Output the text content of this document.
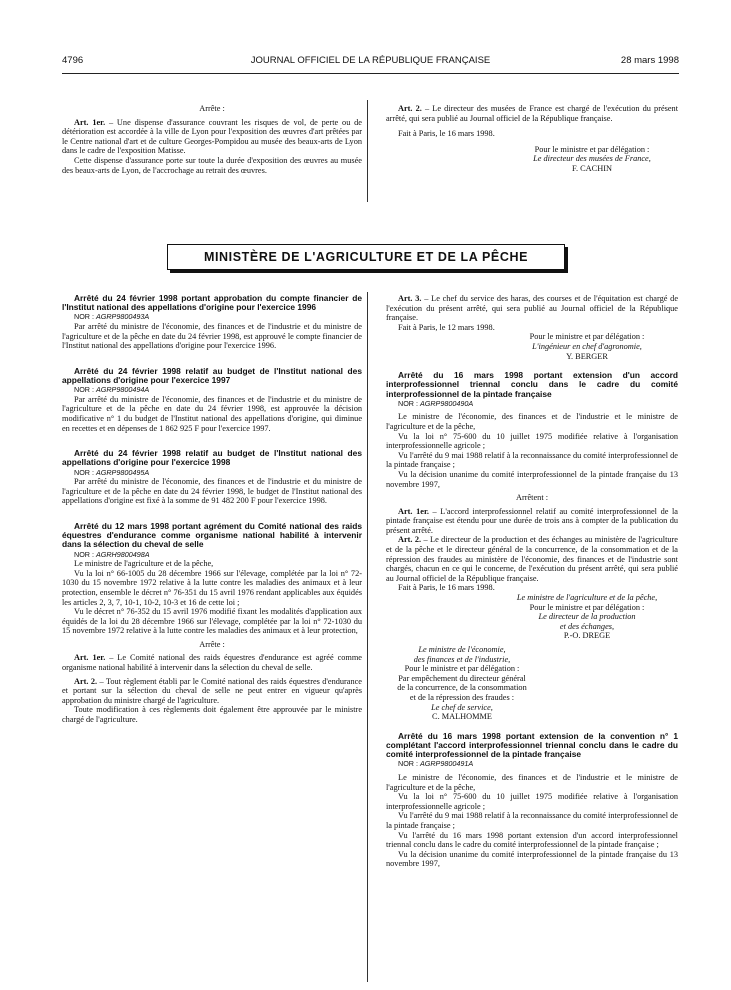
4796	JOURNAL OFFICIEL DE LA RÉPUBLIQUE FRANÇAISE	28 mars 1998

Arrête :

Art. 1er. – Une dispense d'assurance couvrant les risques de vol, de perte ou de détérioration est accordée à la ville de Lyon pour l'exposition des œuvres d'art prêtées par le Centre national d'art et de culture Georges-Pompidou au musée des beaux-arts de Lyon dans le cadre de l'exposition Matisse.

Cette dispense d'assurance porte sur toute la durée d'exposition des œuvres au musée des beaux-arts de Lyon, de l'accrochage au retrait des œuvres.

Art. 2. – Le directeur des musées de France est chargé de l'exécution du présent arrêté, qui sera publié au Journal officiel de la République française.

Fait à Paris, le 16 mars 1998.

Pour le ministre et par délégation :
Le directeur des musées de France,
F. CACHIN
MINISTÈRE DE L'AGRICULTURE ET DE LA PÊCHE

Arrêté du 24 février 1998 portant approbation du compte financier de l'Institut national des appellations d'origine pour l'exercice 1996

NOR : AGRP9800493A

Par arrêté du ministre de l'économie, des finances et de l'industrie et du ministre de l'agriculture et de la pêche en date du 24 février 1998, est approuvé le compte financier de l'Institut national des appellations d'origine pour l'exercice 1996.

Arrêté du 24 février 1998 relatif au budget de l'Institut national des appellations d'origine pour l'exercice 1997

NOR : AGRP9800494A

Par arrêté du ministre de l'économie, des finances et de l'industrie et du ministre de l'agriculture et de la pêche en date du 24 février 1998, est approuvée la décision modificative n° 1 du budget de l'Institut national des appellations d'origine, qui diminue en recettes et en dépenses de 1 862 925 F pour l'exercice 1997.

Arrêté du 24 février 1998 relatif au budget de l'Institut national des appellations d'origine pour l'exercice 1998

NOR : AGRP9800495A

Par arrêté du ministre de l'économie, des finances et de l'industrie et du ministre de l'agriculture et de la pêche en date du 24 février 1998, le budget de l'Institut national des appellations d'origine est fixé à la somme de 91 482 200 F pour l'exercice 1998.

Arrêté du 12 mars 1998 portant agrément du Comité national des raids équestres d'endurance comme organisme national habilité à intervenir dans la sélection du cheval de selle

NOR : AGRH9800498A

Le ministre de l'agriculture et de la pêche,

Vu la loi n° 66-1005 du 28 décembre 1966 sur l'élevage, complétée par la loi n° 72-1030 du 15 novembre 1972 relative à la lutte contre les maladies des animaux et à leur protection, ensemble le décret n° 76-351 du 15 avril 1976 rendant applicables aux équidés les articles 2, 3, 7, 10-1, 10-2, 10-3 et 16 de cette loi ;

Vu le décret n° 76-352 du 15 avril 1976 modifié fixant les modalités d'application aux équidés de la loi du 28 décembre 1966 sur l'élevage, complétée par la loi n° 72-1030 du 15 novembre 1972 relative à la lutte contre les maladies des animaux et à leur protection,

Arrête :

Art. 1er. – Le Comité national des raids équestres d'endurance est agréé comme organisme national habilité à intervenir dans la sélection du cheval de selle.

Art. 2. – Tout règlement établi par le Comité national des raids équestres d'endurance et portant sur la sélection du cheval de selle ne peut entrer en vigueur qu'après approbation du ministre chargé de l'agriculture.

Toute modification à ces règlements doit également être approuvée par le ministre chargé de l'agriculture.

Art. 3. – Le chef du service des haras, des courses et de l'équitation est chargé de l'exécution du présent arrêté, qui sera publié au Journal officiel de la République française.

Fait à Paris, le 12 mars 1998.

Pour le ministre et par délégation :
L'ingénieur en chef d'agronomie,
Y. BERGER

Arrêté du 16 mars 1998 portant extension d'un accord interprofessionnel triennal conclu dans le cadre du comité interprofessionnel de la pintade française

NOR : AGRP9800490A

Le ministre de l'économie, des finances et de l'industrie et le ministre de l'agriculture et de la pêche,

Vu la loi n° 75-600 du 10 juillet 1975 modifiée relative à l'organisation interprofessionnelle agricole ;

Vu l'arrêté du 9 mai 1988 relatif à la reconnaissance du comité interprofessionnel de la pintade française ;

Vu la décision unanime du comité interprofessionnel de la pintade française du 13 novembre 1997,

Arrêtent :

Art. 1er. – L'accord interprofessionnel relatif au comité interprofessionnel de la pintade française est étendu pour une durée de trois ans à compter de la publication du présent arrêté.

Art. 2. – Le directeur de la production et des échanges au ministère de l'agriculture et de la pêche et le directeur général de la concurrence, de la consommation et de la répression des fraudes au ministère de l'économie, des finances et de l'industrie sont chargés, chacun en ce qui le concerne, de l'exécution du présent arrêté, qui sera publié au Journal officiel de la République française.

Fait à Paris, le 16 mars 1998.

Le ministre de l'agriculture et de la pêche,
Pour le ministre et par délégation :
Le directeur de la production
et des échanges,
P.-O. DREGE
Le ministre de l'économie,
des finances et de l'industrie,
Pour le ministre et par délégation :
Par empêchement du directeur général
de la concurrence, de la consommation
et de la répression des fraudes :
Le chef de service,
C. MALHOMME

Arrêté du 16 mars 1998 portant extension de la convention n° 1 complétant l'accord interprofessionnel triennal conclu dans le cadre du comité interprofessionnel de la pintade française

NOR : AGRP9800491A

Le ministre de l'économie, des finances et de l'industrie et le ministre de l'agriculture et de la pêche,

Vu la loi n° 75-600 du 10 juillet 1975 modifiée relative à l'organisation interprofessionnelle agricole ;

Vu l'arrêté du 9 mai 1988 relatif à la reconnaissance du comité interprofessionnel de la pintade française ;

Vu l'arrêté du 16 mars 1998 portant extension d'un accord interprofessionnel triennal conclu dans le cadre du comité interprofessionnel de la pintade française ;

Vu la décision unanime du comité interprofessionnel de la pintade française du 13 novembre 1997,
